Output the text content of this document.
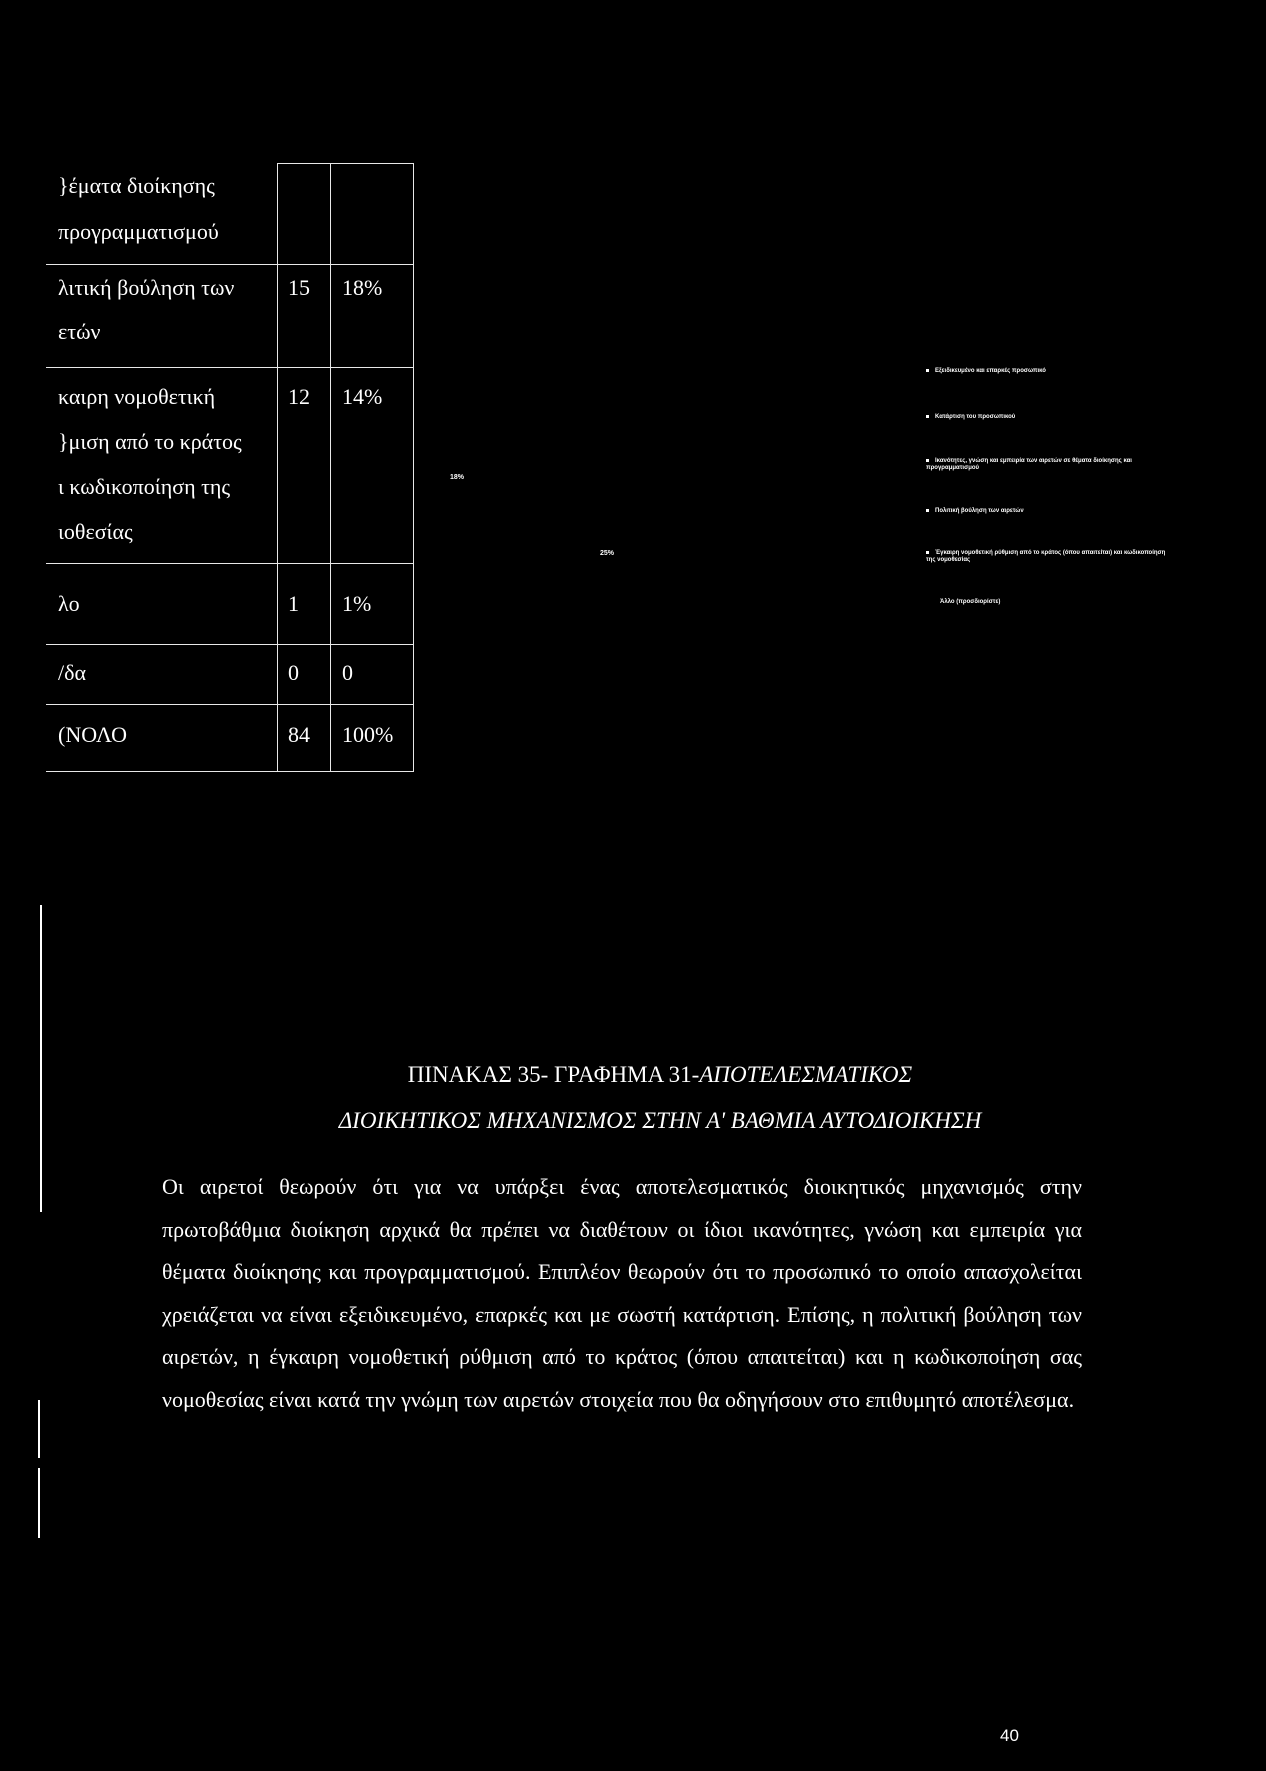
}έματα διοίκησης
προγραμματισμού
λιτική βούληση των
ετών
15 18%
καιρη νομοθετική
}μιση από το κράτος
ι κωδικοποίηση της
ιοθεσίας
12 14%
λο	1 1%
/δα	0 0
(ΝΟΛΟ	84 100%
18%
25%
Εξειδικευμένο και επαρκές προσωπικό
Κατάρτιση του προσωπικού
Ικανότητες, γνώση και εμπειρία των αιρετών σε θέματα διοίκησης και προγραμματισμού
Πολιτική βούληση των αιρετών
Έγκαιρη νομοθετική ρύθμιση από το κράτος (όπου απαιτείται) και κωδικοποίηση της νομοθεσίας
Άλλο (προσδιορίστε)
ΠΙΝΑΚΑΣ 35- ΓΡΑΦΗΜΑ 31-ΑΠΟΤΕΛΕΣΜΑΤΙΚΟΣ
ΔΙΟΙΚΗΤΙΚΟΣ ΜΗΧΑΝΙΣΜΟΣ ΣΤΗΝ Α' ΒΑΘΜΙΑ ΑΥΤΟΔΙΟΙΚΗΣΗ
Οι αιρετοί θεωρούν ότι για να υπάρξει ένας αποτελεσματικός διοικητικός μηχανισμός στην πρωτοβάθμια διοίκηση αρχικά θα πρέπει να διαθέτουν οι ίδιοι ικανότητες, γνώση και εμπειρία για θέματα διοίκησης και προγραμματισμού. Επιπλέον θεωρούν ότι το προσωπικό το οποίο απασχολείται χρειάζεται να είναι εξειδικευμένο, επαρκές και με σωστή κατάρτιση. Επίσης, η πολιτική βούληση των αιρετών, η έγκαιρη νομοθετική ρύθμιση από το κράτος (όπου απαιτείται) και η κωδικοποίηση σας νομοθεσίας είναι κατά την γνώμη των αιρετών στοιχεία που θα οδηγήσουν στο επιθυμητό αποτέλεσμα.
40
